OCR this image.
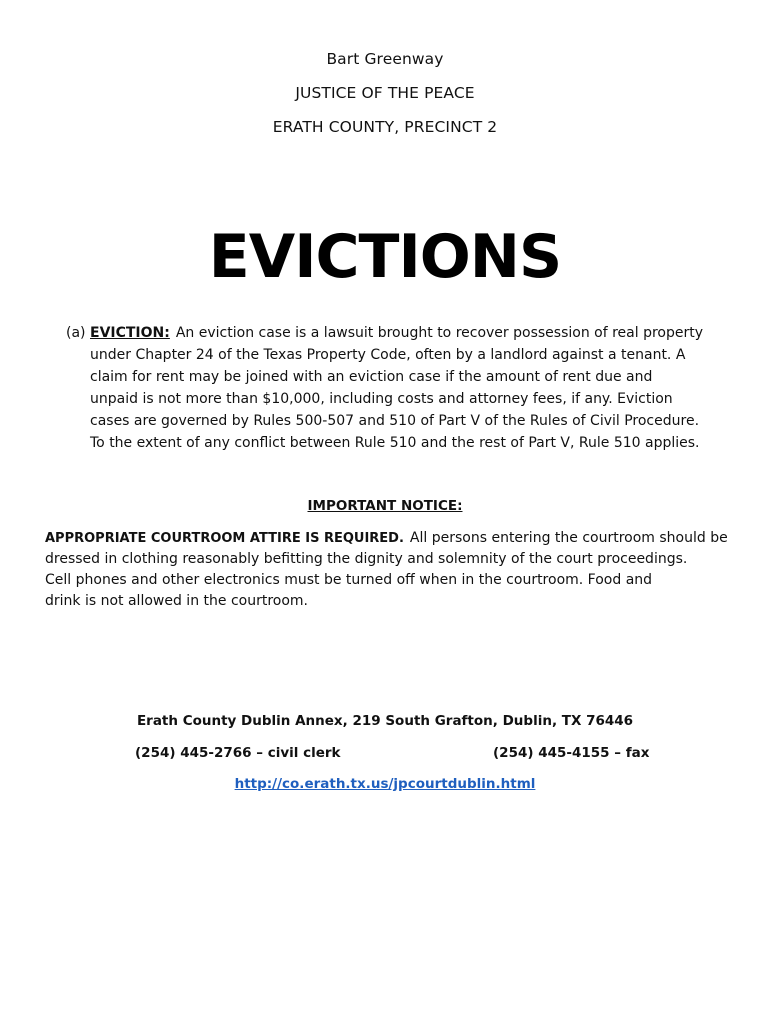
Bart Greenway
JUSTICE OF THE PEACE
ERATH COUNTY, PRECINCT 2
EVICTIONS
(a) EVICTION: An eviction case is a lawsuit brought to recover possession of real property
under Chapter 24 of the Texas Property Code, often by a landlord against a tenant. A
claim for rent may be joined with an eviction case if the amount of rent due and
unpaid is not more than $10,000, including costs and attorney fees, if any. Eviction
cases are governed by Rules 500-507 and 510 of Part V of the Rules of Civil Procedure.
To the extent of any conflict between Rule 510 and the rest of Part V, Rule 510 applies.
IMPORTANT NOTICE:
APPROPRIATE COURTROOM ATTIRE IS REQUIRED. All persons entering the courtroom should be
dressed in clothing reasonably befitting the dignity and solemnity of the court proceedings.
Cell phones and other electronics must be turned off when in the courtroom. Food and
drink is not allowed in the courtroom.
Erath County Dublin Annex, 219 South Grafton, Dublin, TX 76446
(254) 445-2766 – civil clerk	(254) 445-4155 – fax
http://co.erath.tx.us/jpcourtdublin.html
